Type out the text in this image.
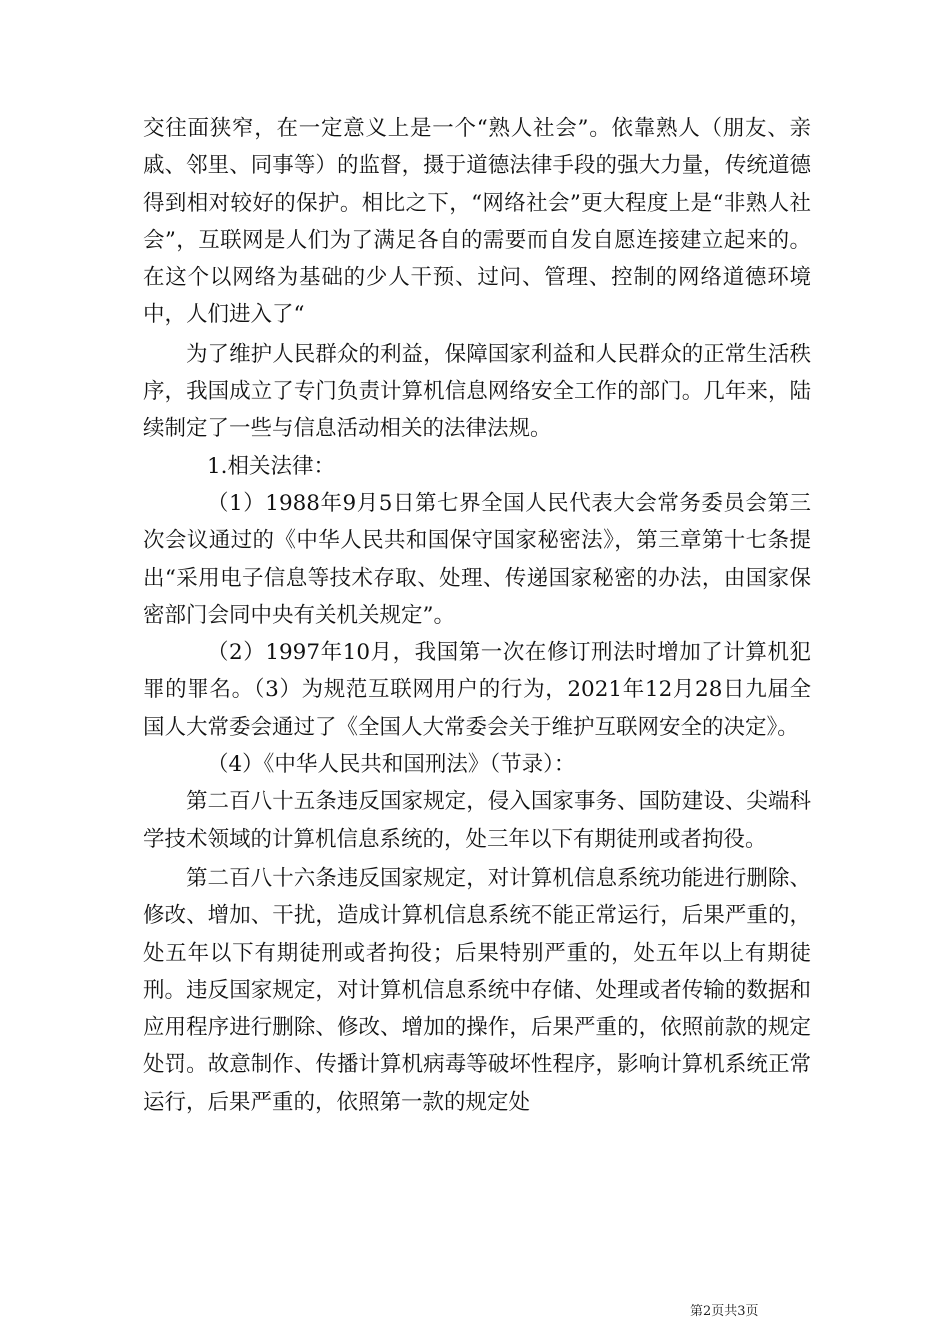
交往面狭窄，在一定意义上是一个“熟人社会”。依靠熟人（朋友、亲戚、邻里、同事等）的监督，摄于道德法律手段的强大力量，传统道德得到相对较好的保护。相比之下，“网络社会”更大程度上是“非熟人社会”，互联网是人们为了满足各自的需要而自发自愿连接建立起来的。在这个以网络为基础的少人干预、过问、管理、控制的网络道德环境中，人们进入了“

为了维护人民群众的利益，保障国家利益和人民群众的正常生活秩序，我国成立了专门负责计算机信息网络安全工作的部门。几年来，陆续制定了一些与信息活动相关的法律法规。

1.相关法律：

（1）1988年9月5日第七界全国人民代表大会常务委员会第三次会议通过的《中华人民共和国保守国家秘密法》，第三章第十七条提出“采用电子信息等技术存取、处理、传递国家秘密的办法，由国家保密部门会同中央有关机关规定”。

（2）1997年10月，我国第一次在修订刑法时增加了计算机犯罪的罪名。（3）为规范互联网用户的行为，2021年12月28日九届全国人大常委会通过了《全国人大常委会关于维护互联网安全的决定》。

（4）《中华人民共和国刑法》（节录）：

第二百八十五条违反国家规定，侵入国家事务、国防建设、尖端科学技术领域的计算机信息系统的，处三年以下有期徒刑或者拘役。

第二百八十六条违反国家规定，对计算机信息系统功能进行删除、修改、增加、干扰，造成计算机信息系统不能正常运行，后果严重的，处五年以下有期徒刑或者拘役；后果特别严重的，处五年以上有期徒刑。违反国家规定，对计算机信息系统中存储、处理或者传输的数据和应用程序进行删除、修改、增加的操作，后果严重的，依照前款的规定处罚。故意制作、传播计算机病毒等破坏性程序，影响计算机系统正常运行，后果严重的，依照第一款的规定处

第2页共3页
